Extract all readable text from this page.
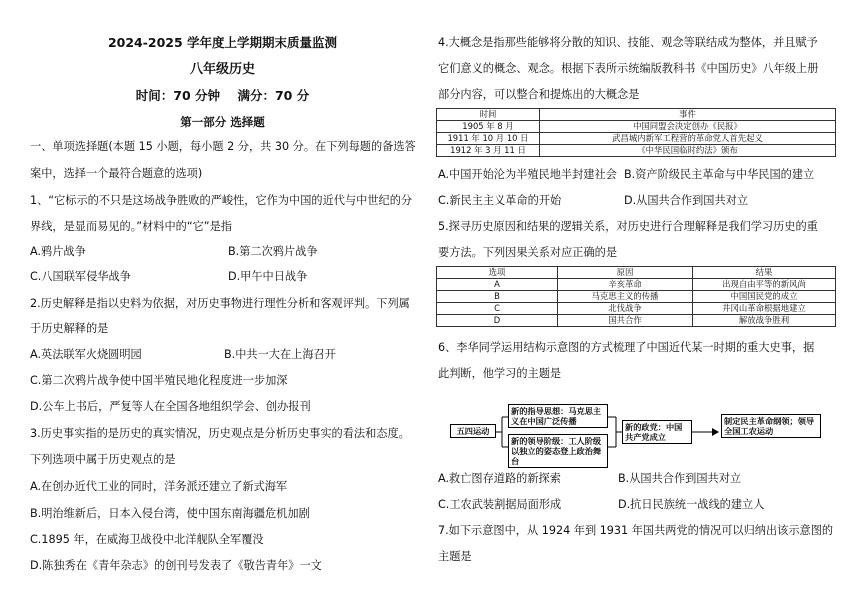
2024-2025 学年度上学期期末质量监测
八年级历史
时间：70 分钟    满分：70 分
第一部分 选择题
一、单项选择题(本题 15 小题，每小题 2 分，共 30 分。在下列每题的备选答
案中，选择一个最符合题意的选项)
1、“它标示的不只是这场战争胜败的严峻性，它作为中国的近代与中世纪的分
界线，是显而易见的。”材料中的“它”是指
A.鸦片战争	B.第二次鸦片战争
C.八国联军侵华战争	D.甲午中日战争
2.历史解释是指以史料为依据，对历史事物进行理性分析和客观评判。下列属
于历史解释的是
A.英法联军火烧圆明园	B.中共一大在上海召开
C.第二次鸦片战争使中国半殖民地化程度进一步加深
D.公车上书后，严复等人在全国各地组织学会、创办报刊
3.历史事实指的是历史的真实情况，历史观点是分析历史事实的看法和态度。
下列选项中属于历史观点的是
A.在创办近代工业的同时，洋务派还建立了新式海军
B.明治维新后，日本入侵台湾，使中国东南海疆危机加剧
C.1895 年，在威海卫战役中北洋舰队全军覆没
D.陈独秀在《青年杂志》的创刊号发表了《敬告青年》一文
4.大概念是指那些能够将分散的知识、技能、观念等联结成为整体，并且赋予
它们意义的概念、观念。根据下表所示统编版教科书《中国历史》八年级上册
部分内容，可以整合和提炼出的大概念是
时间	事件
1905 年 8 月	中国同盟会决定创办《民报》
1911 年 10 月 10 日	武昌城内新军工程营的革命党人首先起义
1912 年 3 月 11 日	《中华民国临时约法》颁布
A.中国开始沦为半殖民地半封建社会 B.资产阶级民主革命与中华民国的建立
C.新民主主义革命的开始	D.从国共合作到国共对立
5.探寻历史原因和结果的逻辑关系，对历史进行合理解释是我们学习历史的重
要方法。下列因果关系对应正确的是
选项	原因	结果
A	辛亥革命	出现自由平等的新风尚
B	马克思主义的传播	中国国民党的成立
C	北伐战争	井冈山革命根据地建立
D	国共合作	解放战争胜利
6、李华同学运用结构示意图的方式梳理了中国近代某一时期的重大史事，据
此判断，他学习的主题是
五四运动
新的指导思想：马克思主义在中国广泛传播
新的领导阶级：工人阶级以独立的姿态登上政治舞台
新的政党：中国共产党成立
制定民主革命纲领；领导全国工农运动
A.救亡图存道路的新探索	B.从国共合作到国共对立
C.工农武装割据局面形成	D.抗日民族统一战线的建立人
7.如下示意图中，从 1924 年到 1931 年国共两党的情况可以归纳出该示意图的
主题是
